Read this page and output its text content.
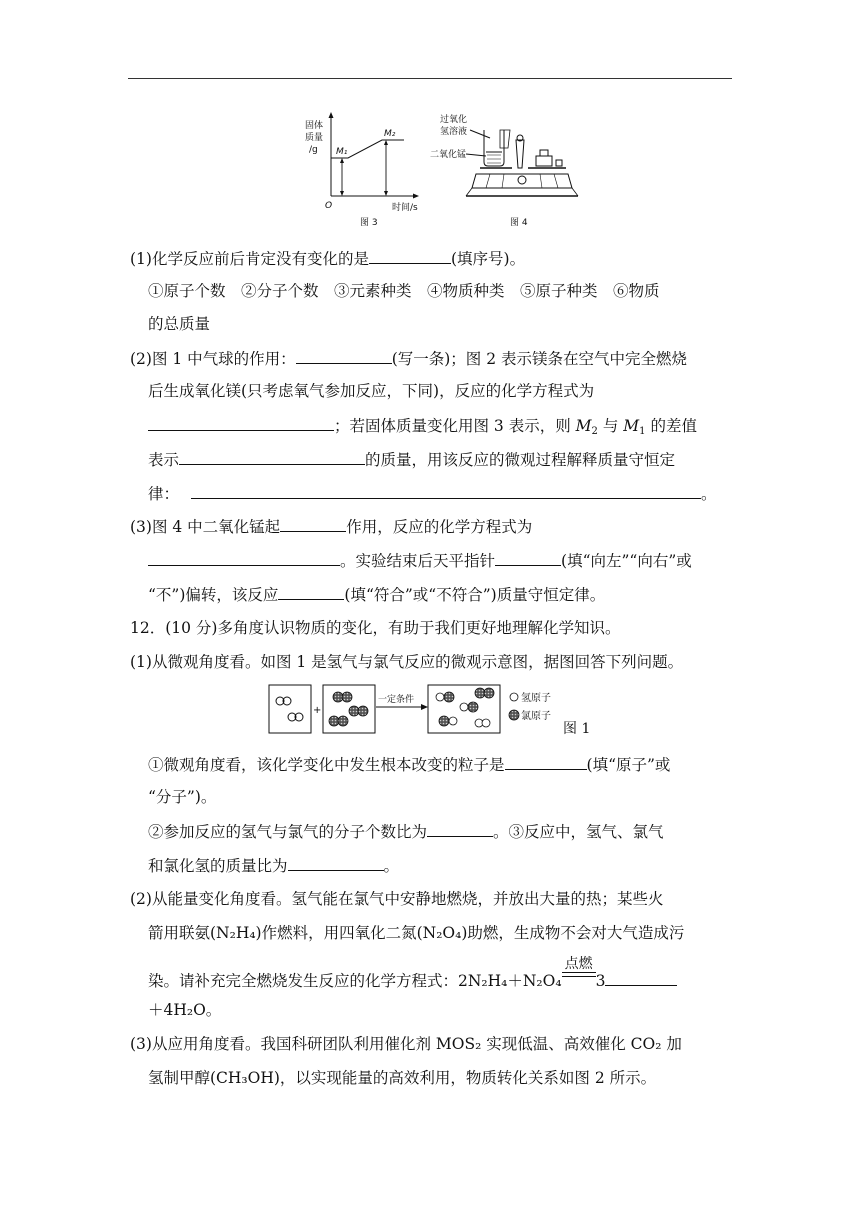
固体
质量
/g M₁
M₂
O	时间/s
图 3
过氧化
氢溶液
二氧化锰
图 4
(1)化学反应前后肯定没有变化的是	(填序号)。
①原子个数　②分子个数　③元素种类　④物质种类　⑤原子种类　⑥物质
的总质量
(2)图 1 中气球的作用：	(写一条)；图 2 表示镁条在空气中完全燃烧
后生成氧化镁(只考虑氧气参加反应，下同)，反应的化学方程式为
；若固体质量变化用图 3 表示，则 $M_2$ 与 $M_1$ 的差值
表示	的质量，用该反应的微观过程解释质量守恒定
律：	。
(3)图 4 中二氧化锰起	作用，反应的化学方程式为
。实验结束后天平指针	(填“向左”“向右”或
“不”)偏转，该反应	(填“符合”或“不符合”)质量守恒定律。
12．(10 分)多角度认识物质的变化，有助于我们更好地理解化学知识。
(1)从微观角度看。如图 1 是氢气与氯气反应的微观示意图，据图回答下列问题。
+
一定条件	氢原子
氯原子
图 1
①微观角度看，该化学变化中发生根本改变的粒子是	(填“原子”或
“分子”)。
②参加反应的氢气与氯气的分子个数比为	。③反应中，氢气、氯气
和氯化氢的质量比为	。
(2)从能量变化角度看。氢气能在氯气中安静地燃烧，并放出大量的热；某些火
箭用联氨(N₂H₄)作燃料，用四氧化二氮(N₂O₄)助燃，生成物不会对大气造成污
染。请补充完全燃烧发生反应的化学方程式：2N₂H₄＋N₂O₄
点燃
3
＋4H₂O。
(3)从应用角度看。我国科研团队利用催化剂 MOS₂ 实现低温、高效催化 CO₂ 加
氢制甲醇(CH₃OH)，以实现能量的高效利用，物质转化关系如图 2 所示。
